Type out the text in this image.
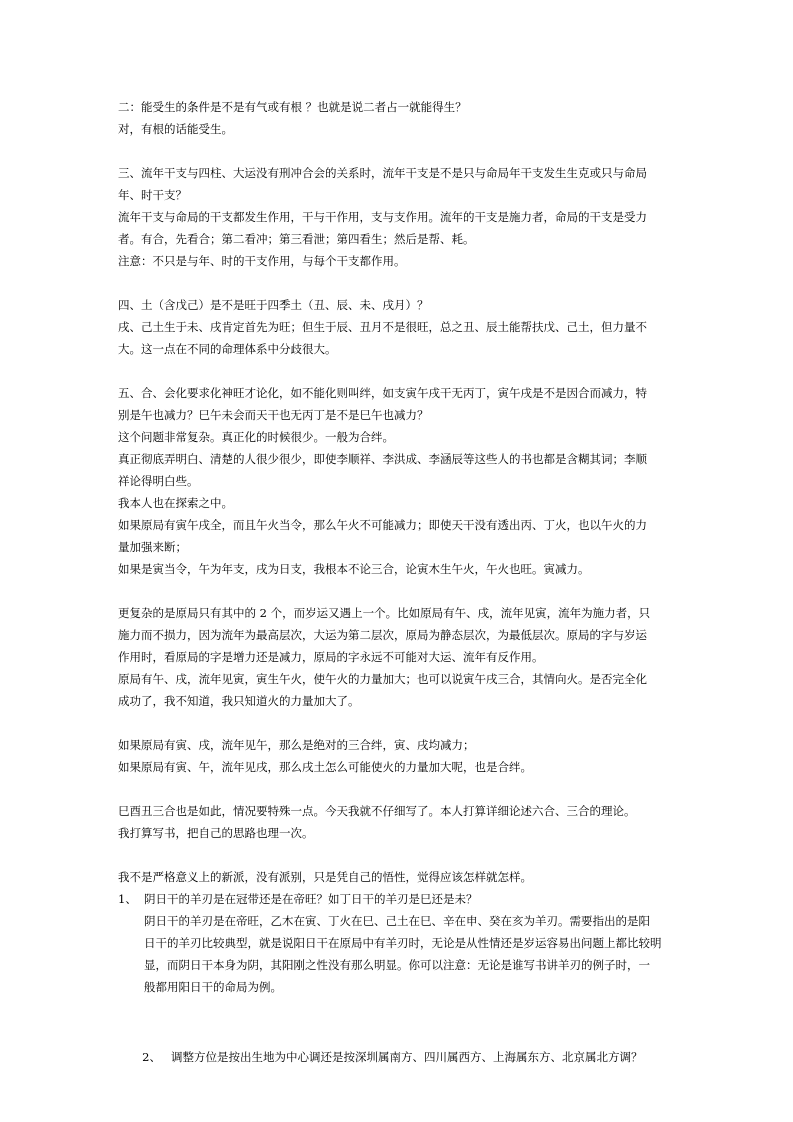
二：能受生的条件是不是有气或有根 ？也就是说二者占一就能得生？
对，有根的话能受生。
三、流年干支与四柱、大运没有刑冲合会的关系时，流年干支是不是只与命局年干支发生生克或只与命局
年、时干支？
流年干支与命局的干支都发生作用，干与干作用，支与支作用。流年的干支是施力者，命局的干支是受力
者。有合，先看合；第二看冲；第三看泄；第四看生；然后是帮、耗。
注意：不只是与年、时的干支作用，与每个干支都作用。
四、土（含戊己）是不是旺于四季土（丑、辰、未、戌月）？
戌、己土生于未、戌肯定首先为旺；但生于辰、丑月不是很旺，总之丑、辰土能帮扶戊、己土，但力量不
大。这一点在不同的命理体系中分歧很大。
五、合、会化要求化神旺才论化，如不能化则叫绊，如支寅午戌干无丙丁，寅午戌是不是因合而减力，特
别是午也减力？巳午未会而天干也无丙丁是不是巳午也减力？
这个问题非常复杂。真正化的时候很少。一般为合绊。
真正彻底弄明白、清楚的人很少很少，即使李顺祥、李洪成、李涵辰等这些人的书也都是含糊其词；李顺
祥论得明白些。
我本人也在探索之中。
如果原局有寅午戌全，而且午火当令，那么午火不可能减力；即使天干没有透出丙、丁火，也以午火的力
量加强来断；
如果是寅当令，午为年支，戌为日支，我根本不论三合，论寅木生午火，午火也旺。寅减力。
更复杂的是原局只有其中的 2 个，而岁运又遇上一个。比如原局有午、戌，流年见寅，流年为施力者，只
施力而不损力，因为流年为最高层次，大运为第二层次，原局为静态层次，为最低层次。原局的字与岁运
作用时，看原局的字是增力还是减力，原局的字永远不可能对大运、流年有反作用。
原局有午、戌，流年见寅，寅生午火，使午火的力量加大；也可以说寅午戌三合，其情向火。是否完全化
成功了，我不知道，我只知道火的力量加大了。
如果原局有寅、戌，流年见午，那么是绝对的三合绊，寅、戌均减力；
如果原局有寅、午，流年见戌，那么戌土怎么可能使火的力量加大呢，也是合绊。
巳酉丑三合也是如此，情况要特殊一点。今天我就不仔细写了。本人打算详细论述六合、三合的理论。
我打算写书，把自己的思路也理一次。
我不是严格意义上的新派，没有派别，只是凭自己的悟性，觉得应该怎样就怎样。
1、 阴日干的羊刃是在冠带还是在帝旺？如丁日干的羊刃是巳还是未？
阴日干的羊刃是在帝旺，乙木在寅、丁火在巳、己土在巳、辛在申、癸在亥为羊刃。需要指出的是阳
日干的羊刃比较典型，就是说阳日干在原局中有羊刃时，无论是从性情还是岁运容易出问题上都比较明
显，而阴日干本身为阴，其阳刚之性没有那么明显。你可以注意：无论是谁写书讲羊刃的例子时，一
般都用阳日干的命局为例。
2、 调整方位是按出生地为中心调还是按深圳属南方、四川属西方、上海属东方、北京属北方调？
